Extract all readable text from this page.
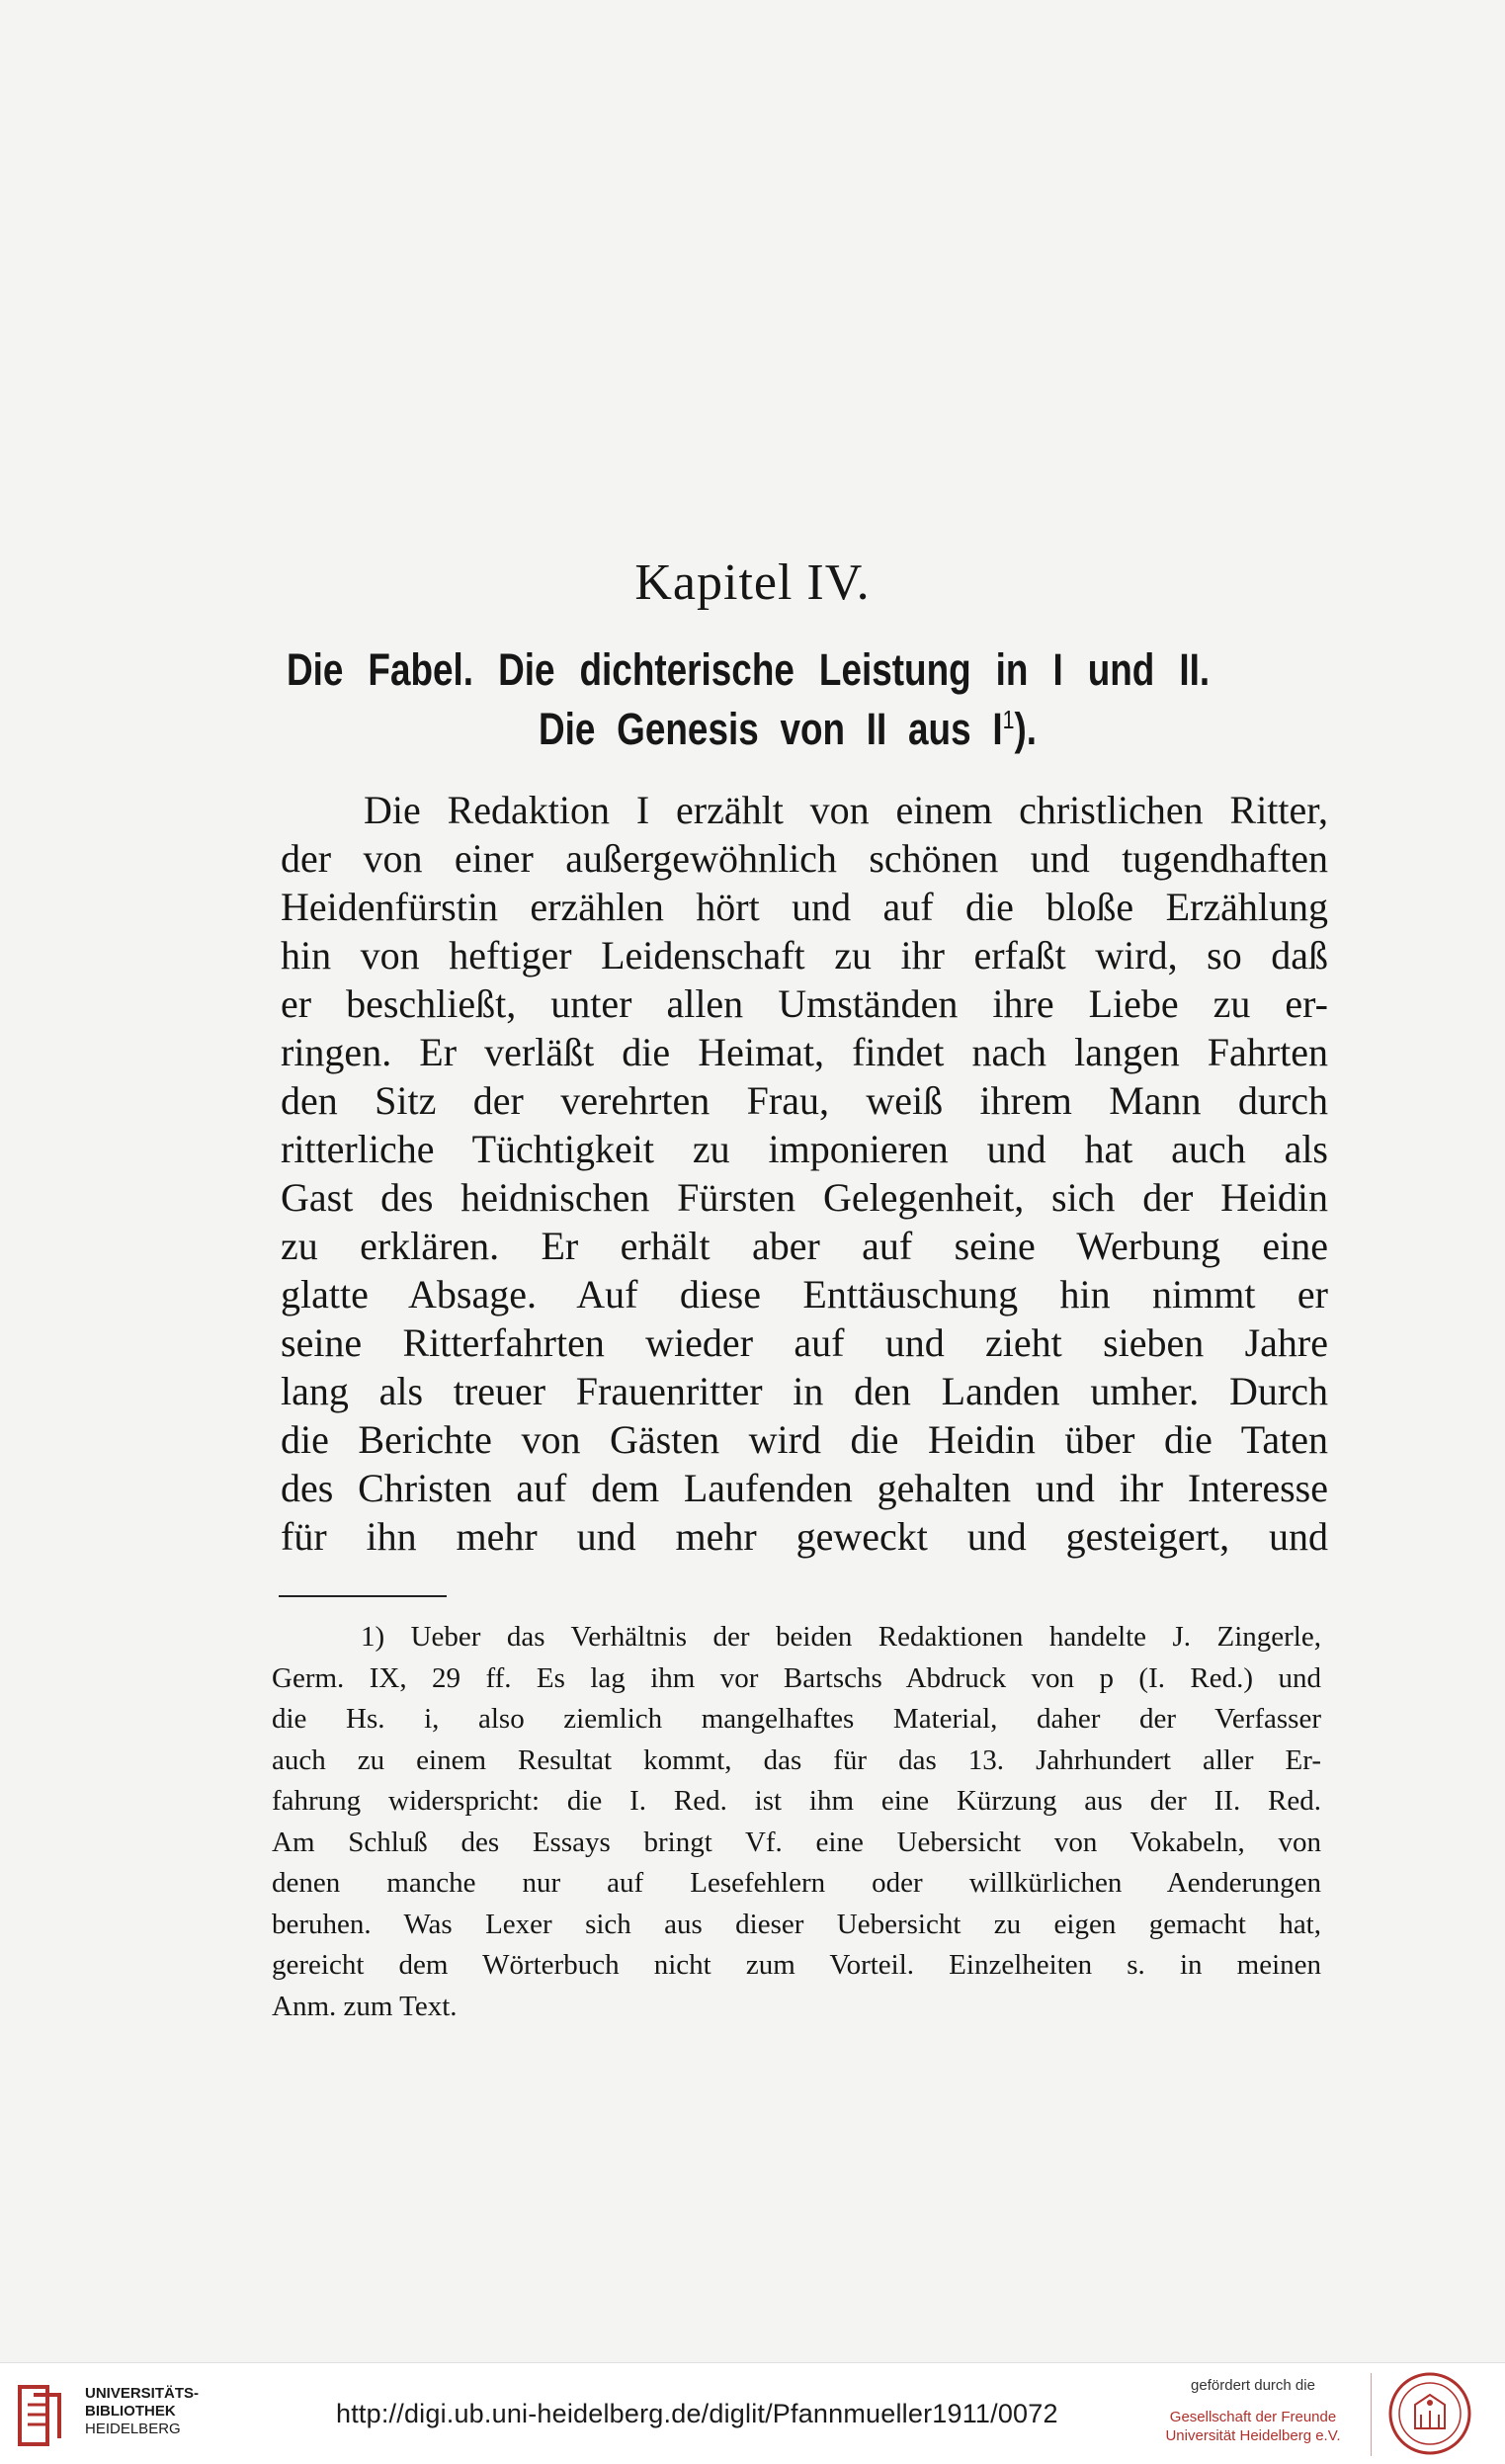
Kapitel IV.
Die Fabel. Die dichterische Leistung in I und II.
Die Genesis von II aus $I^1$).
Die Redaktion I erzählt von einem christlichen Ritter,
der von einer außergewöhnlich schönen und tugendhaften
Heidenfürstin erzählen hört und auf die bloße Erzählung
hin von heftiger Leidenschaft zu ihr erfaßt wird, so daß
er beschließt, unter allen Umständen ihre Liebe zu er-
ringen. Er verläßt die Heimat, findet nach langen Fahrten
den Sitz der verehrten Frau, weiß ihrem Mann durch
ritterliche Tüchtigkeit zu imponieren und hat auch als
Gast des heidnischen Fürsten Gelegenheit, sich der Heidin
zu erklären. Er erhält aber auf seine Werbung eine
glatte Absage. Auf diese Enttäuschung hin nimmt er
seine Ritterfahrten wieder auf und zieht sieben Jahre
lang als treuer Frauenritter in den Landen umher. Durch
die Berichte von Gästen wird die Heidin über die Taten
des Christen auf dem Laufenden gehalten und ihr Interesse
für ihn mehr und mehr geweckt und gesteigert, und
1) Ueber das Verhältnis der beiden Redaktionen handelte J. Zingerle,
Germ. IX, 29 ff. Es lag ihm vor Bartschs Abdruck von p (I. Red.) und
die Hs. i, also ziemlich mangelhaftes Material, daher der Verfasser
auch zu einem Resultat kommt, das für das 13. Jahrhundert aller Er-
fahrung widerspricht: die I. Red. ist ihm eine Kürzung aus der II. Red.
Am Schluß des Essays bringt Vf. eine Uebersicht von Vokabeln, von
denen manche nur auf Lesefehlern oder willkürlichen Aenderungen
beruhen. Was Lexer sich aus dieser Uebersicht zu eigen gemacht hat,
gereicht dem Wörterbuch nicht zum Vorteil. Einzelheiten s. in meinen
Anm. zum Text.
UNIVERSITÄTS-
BIBLIOTHEK
HEIDELBERG
http://digi.ub.uni-heidelberg.de/diglit/Pfannmueller1911/0072
gefördert durch die
Gesellschaft der Freunde
Universität Heidelberg e.V.
